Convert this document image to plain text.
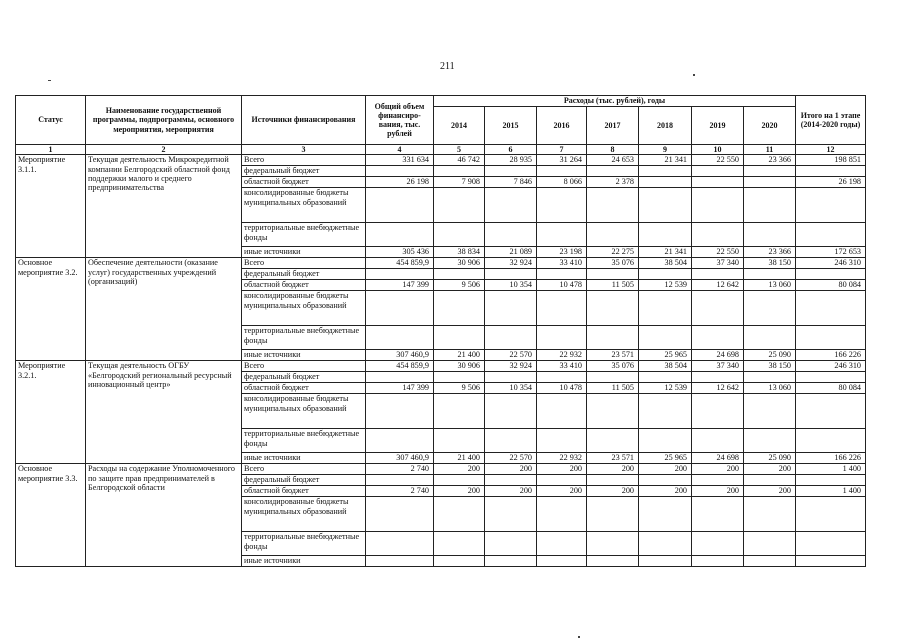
211
Статус	Наименование государственной программы, подпрограммы, основного мероприятия, мероприятия	Источники финансирования	Общий объем финансиро-вания, тыс. рублей	Расходы (тыс. рублей), годы							Итого на 1 этапе (2014-2020 годы)
				2014	2015	2016	2017	2018	2019	2020	
1	2	3	4	5	6	7	8	9	10	11	12
Мероприятие 3.1.1.	Текущая деятельность Микрокредитной компании Белгородский областной фонд поддержки малого и среднего предпринимательства	Всего	331 634	46 742	28 935	31 264	24 653	21 341	22 550	23 366	198 851
		федеральный бюджет									
		областной бюджет	26 198	7 908	7 846	8 066	2 378				26 198
		консолидированные бюджеты муниципальных образований									
		территориальные внебюджетные фонды									
		иные источники	305 436	38 834	21 089	23 198	22 275	21 341	22 550	23 366	172 653
Основное мероприятие 3.2.	Обеспечение деятельности (оказание услуг) государственных учреждений (организаций)	Всего	454 859,9	30 906	32 924	33 410	35 076	38 504	37 340	38 150	246 310
		федеральный бюджет									
		областной бюджет	147 399	9 506	10 354	10 478	11 505	12 539	12 642	13 060	80 084
		консолидированные бюджеты муниципальных образований									
		территориальные внебюджетные фонды									
		иные источники	307 460,9	21 400	22 570	22 932	23 571	25 965	24 698	25 090	166 226
Мероприятие 3.2.1.	Текущая деятельность ОГБУ «Белгородский региональный ресурсный инновационный центр»	Всего	454 859,9	30 906	32 924	33 410	35 076	38 504	37 340	38 150	246 310
		федеральный бюджет									
		областной бюджет	147 399	9 506	10 354	10 478	11 505	12 539	12 642	13 060	80 084
		консолидированные бюджеты муниципальных образований									
		территориальные внебюджетные фонды									
		иные источники	307 460,9	21 400	22 570	22 932	23 571	25 965	24 698	25 090	166 226
Основное мероприятие 3.3.	Расходы на содержание Уполномоченного по защите прав предпринимателей в Белгородской области	Всего	2 740	200	200	200	200	200	200	200	1 400
		федеральный бюджет									
		областной бюджет	2 740	200	200	200	200	200	200	200	1 400
		консолидированные бюджеты муниципальных образований									
		территориальные внебюджетные фонды									
		иные источники									
